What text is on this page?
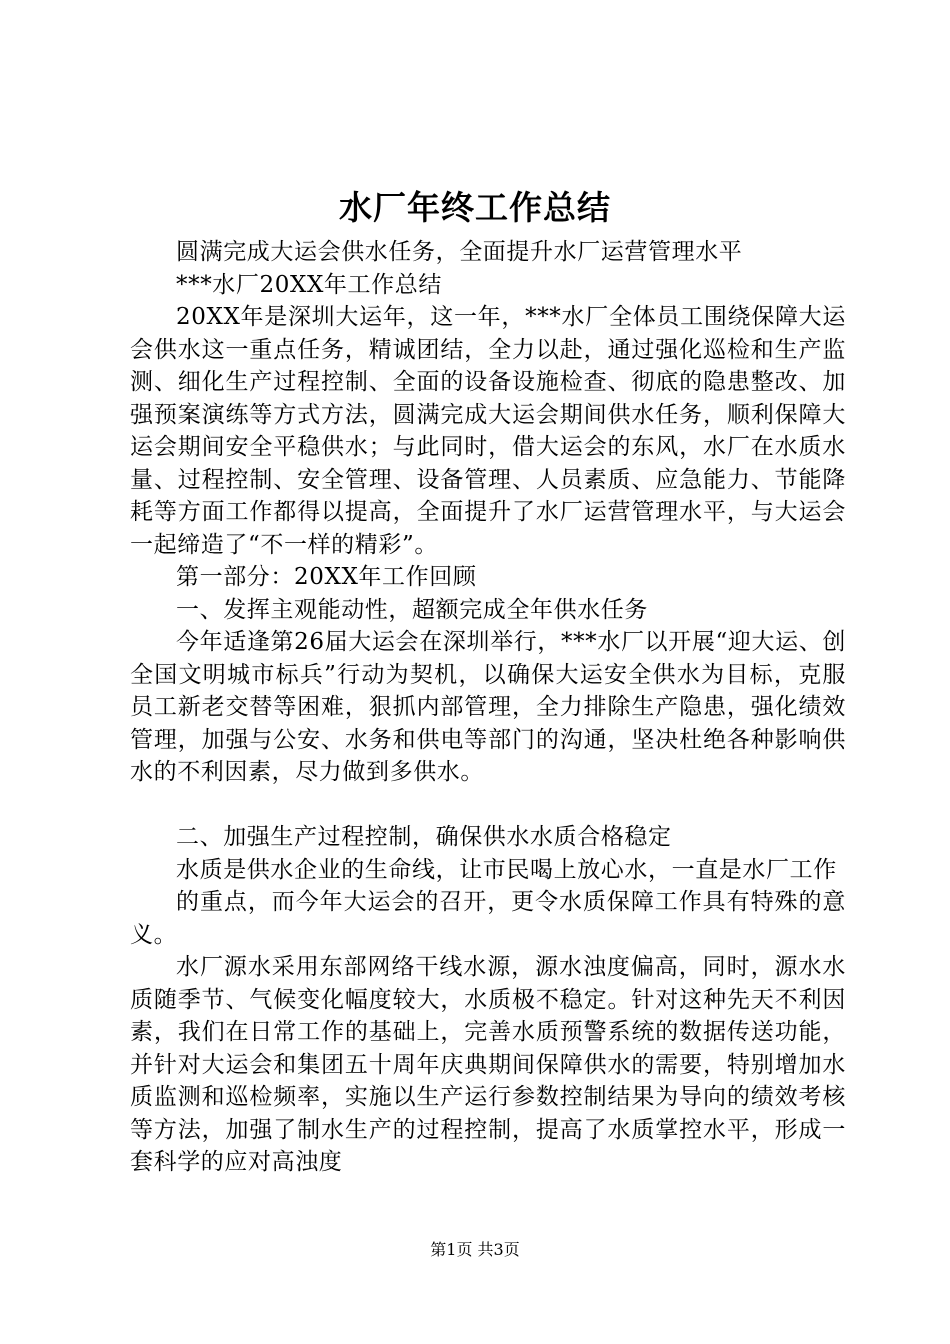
水厂年终工作总结

圆满完成大运会供水任务，全面提升水厂运营管理水平

***水厂20XX年工作总结

20XX年是深圳大运年，这一年，***水厂全体员工围绕保障大运会供水这一重点任务，精诚团结，全力以赴，通过强化巡检和生产监测、细化生产过程控制、全面的设备设施检查、彻底的隐患整改、加强预案演练等方式方法，圆满完成大运会期间供水任务，顺利保障大运会期间安全平稳供水；与此同时，借大运会的东风，水厂在水质水量、过程控制、安全管理、设备管理、人员素质、应急能力、节能降耗等方面工作都得以提高，全面提升了水厂运营管理水平，与大运会一起缔造了“不一样的精彩”。

第一部分：20XX年工作回顾

一、发挥主观能动性，超额完成全年供水任务

今年适逢第26届大运会在深圳举行，***水厂以开展“迎大运、创全国文明城市标兵”行动为契机，以确保大运安全供水为目标，克服员工新老交替等困难，狠抓内部管理，全力排除生产隐患，强化绩效管理，加强与公安、水务和供电等部门的沟通，坚决杜绝各种影响供水的不利因素，尽力做到多供水。

二、加强生产过程控制，确保供水水质合格稳定

水质是供水企业的生命线，让市民喝上放心水，一直是水厂工作

的重点，而今年大运会的召开，更令水质保障工作具有特殊的意义。

水厂源水采用东部网络干线水源，源水浊度偏高，同时，源水水质随季节、气候变化幅度较大，水质极不稳定。针对这种先天不利因素，我们在日常工作的基础上，完善水质预警系统的数据传送功能，并针对大运会和集团五十周年庆典期间保障供水的需要，特别增加水质监测和巡检频率，实施以生产运行参数控制结果为导向的绩效考核等方法，加强了制水生产的过程控制，提高了水质掌控水平，形成一套科学的应对高浊度

第1页 共3页
